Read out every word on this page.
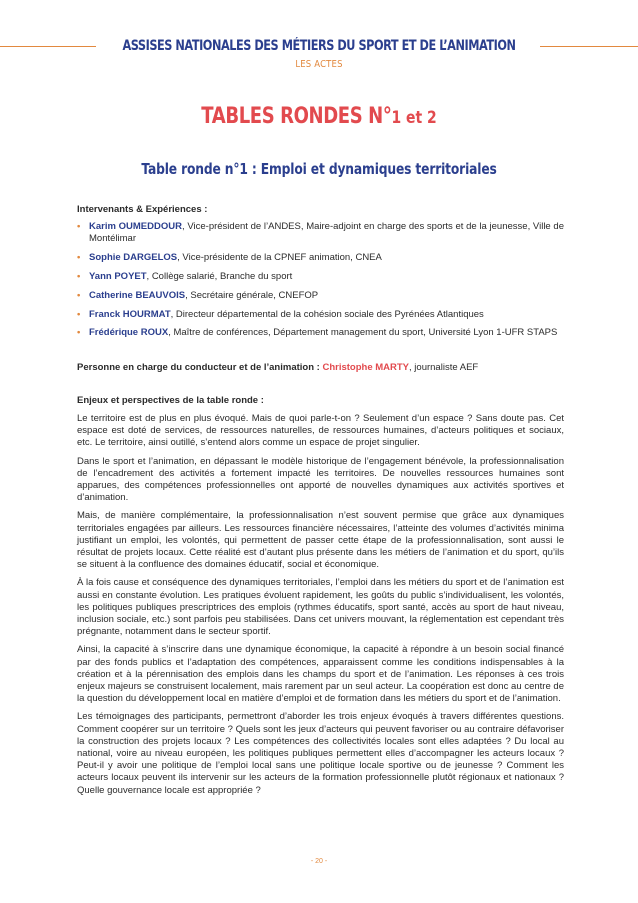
ASSISES NATIONALES DES MÉTIERS DU SPORT ET DE L’ANIMATION
LES ACTES
TABLES RONDES N°1 et 2
Table ronde n°1 : Emploi et dynamiques territoriales

Intervenants & Expériences :

• Karim OUMEDDOUR, Vice-président de l’ANDES, Maire-adjoint en charge des sports et de la jeunesse, Ville de Montélimar
• Sophie DARGELOS, Vice-présidente de la CPNEF animation, CNEA
• Yann POYET, Collège salarié, Branche du sport
• Catherine BEAUVOIS, Secrétaire générale, CNEFOP
• Franck HOURMAT, Directeur départemental de la cohésion sociale des Pyrénées Atlantiques
• Frédérique ROUX, Maître de conférences, Département management du sport, Université Lyon 1-UFR STAPS

Personne en charge du conducteur et de l’animation : Christophe MARTY, journaliste AEF

Enjeux et perspectives de la table ronde :

Le territoire est de plus en plus évoqué. Mais de quoi parle-t-on ? Seulement d’un espace ? Sans doute pas. Cet espace est doté de services, de ressources naturelles, de ressources humaines, d’acteurs politiques et sociaux, etc. Le territoire, ainsi outillé, s’entend alors comme un espace de projet singulier.

Dans le sport et l’animation, en dépassant le modèle historique de l’engagement bénévole, la professionnalisation de l’encadrement des activités a fortement impacté les territoires. De nouvelles ressources humaines sont apparues, des compétences professionnelles ont apporté de nouvelles dynamiques aux activités sportives et d’animation.

Mais, de manière complémentaire, la professionnalisation n’est souvent permise que grâce aux dynamiques territoriales engagées par ailleurs. Les ressources financière nécessaires, l’atteinte des volumes d’activités minima justifiant un emploi, les volontés, qui permettent de passer cette étape de la professionnalisation, sont aussi le résultat de projets locaux. Cette réalité est d’autant plus présente dans les métiers de l’animation et du sport, qu’ils se situent à la confluence des domaines éducatif, social et économique.

À la fois cause et conséquence des dynamiques territoriales, l’emploi dans les métiers du sport et de l’animation est aussi en constante évolution. Les pratiques évoluent rapidement, les goûts du public s’individualisent, les volontés, les politiques publiques prescriptrices des emplois (rythmes éducatifs, sport santé, accès au sport de haut niveau, inclusion sociale, etc.) sont parfois peu stabilisées. Dans cet univers mouvant, la réglementation est cependant très prégnante, notamment dans le secteur sportif.

Ainsi, la capacité à s’inscrire dans une dynamique économique, la capacité à répondre à un besoin social financé par des fonds publics et l’adaptation des compétences, apparaissent comme les conditions indispensables à la création et à la pérennisation des emplois dans les champs du sport et de l’animation. Les réponses à ces trois enjeux majeurs se construisent localement, mais rarement par un seul acteur. La coopération est donc au centre de la question du développement local en matière d’emploi et de formation dans les métiers du sport et de l’animation.

Les témoignages des participants, permettront d’aborder les trois enjeux évoqués à travers différentes questions. Comment coopérer sur un territoire ? Quels sont les jeux d’acteurs qui peuvent favoriser ou au contraire défavoriser la construction des projets locaux ? Les compétences des collectivités locales sont elles adaptées ? Du local au national, voire au niveau européen, les politiques publiques permettent elles d’accompagner les acteurs locaux ? Peut-il y avoir une politique de l’emploi local sans une politique locale sportive ou de jeunesse ? Comment les acteurs locaux peuvent ils intervenir sur les acteurs de la formation professionnelle plutôt régionaux et nationaux ? Quelle gouvernance locale est appropriée ?

- 20 -
